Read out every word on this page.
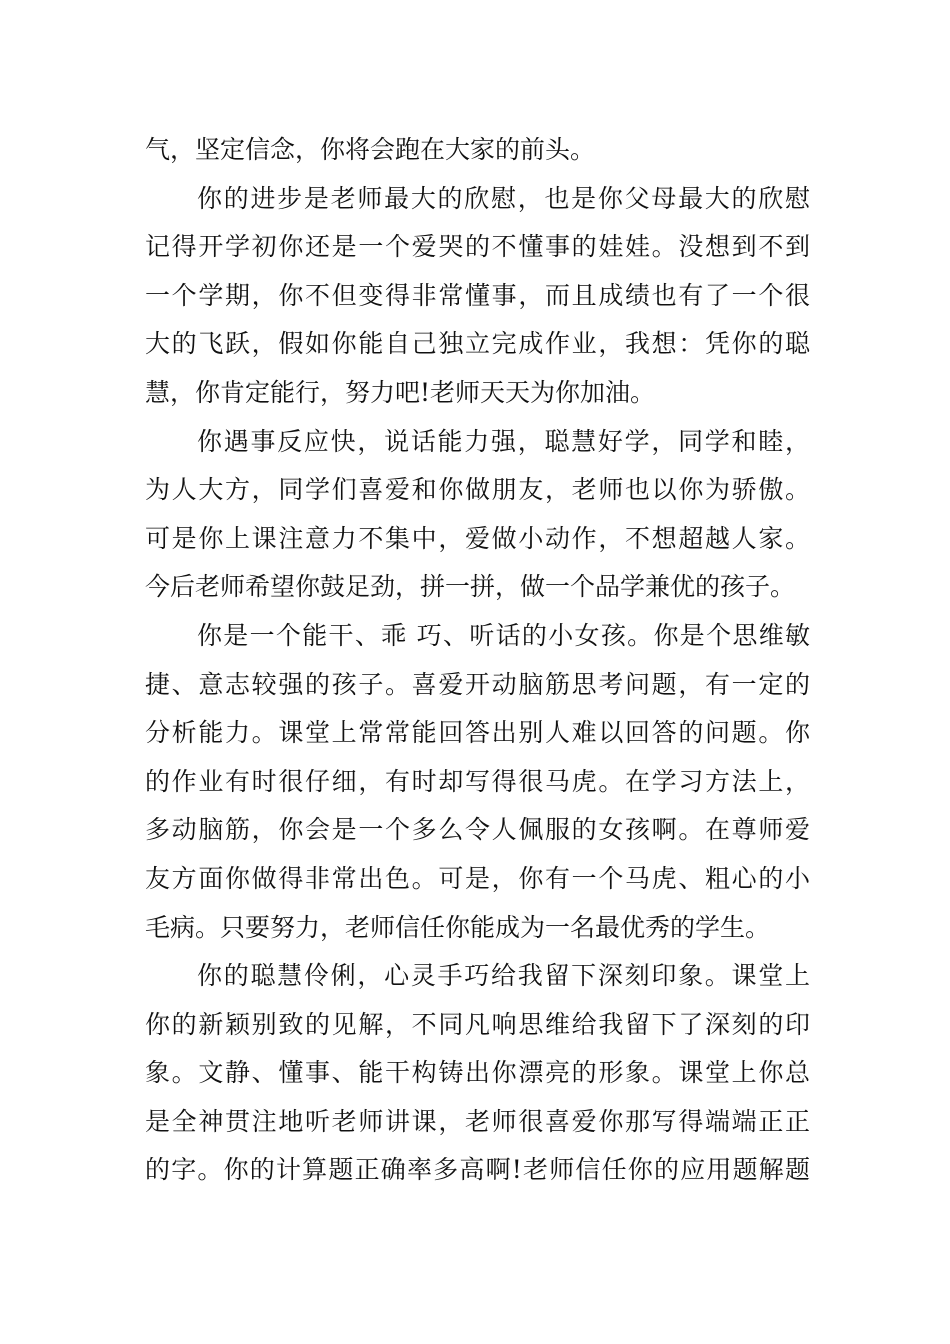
气，坚定信念，你将会跑在大家的前头。
你的进步是老师最大的欣慰，也是你父母最大的欣慰
记得开学初你还是一个爱哭的不懂事的娃娃。没想到不到
一个学期，你不但变得非常懂事，而且成绩也有了一个很
大的飞跃，假如你能自己独立完成作业，我想：凭你的聪
慧，你肯定能行，努力吧!老师天天为你加油。
你遇事反应快，说话能力强，聪慧好学，同学和睦，
为人大方，同学们喜爱和你做朋友，老师也以你为骄傲。
可是你上课注意力不集中，爱做小动作，不想超越人家。
今后老师希望你鼓足劲，拼一拼，做一个品学兼优的孩子。
你是一个能干、乖 巧、听话的小女孩。你是个思维敏
捷、意志较强的孩子。喜爱开动脑筋思考问题，有一定的
分析能力。课堂上常常能回答出别人难以回答的问题。你
的作业有时很仔细，有时却写得很马虎。在学习方法上，
多动脑筋，你会是一个多么令人佩服的女孩啊。在尊师爱
友方面你做得非常出色。可是，你有一个马虎、粗心的小
毛病。只要努力，老师信任你能成为一名最优秀的学生。
你的聪慧伶俐，心灵手巧给我留下深刻印象。课堂上
你的新颖别致的见解，不同凡响思维给我留下了深刻的印
象。文静、懂事、能干构铸出你漂亮的形象。课堂上你总
是全神贯注地听老师讲课，老师很喜爱你那写得端端正正
的字。你的计算题正确率多高啊!老师信任你的应用题解题
